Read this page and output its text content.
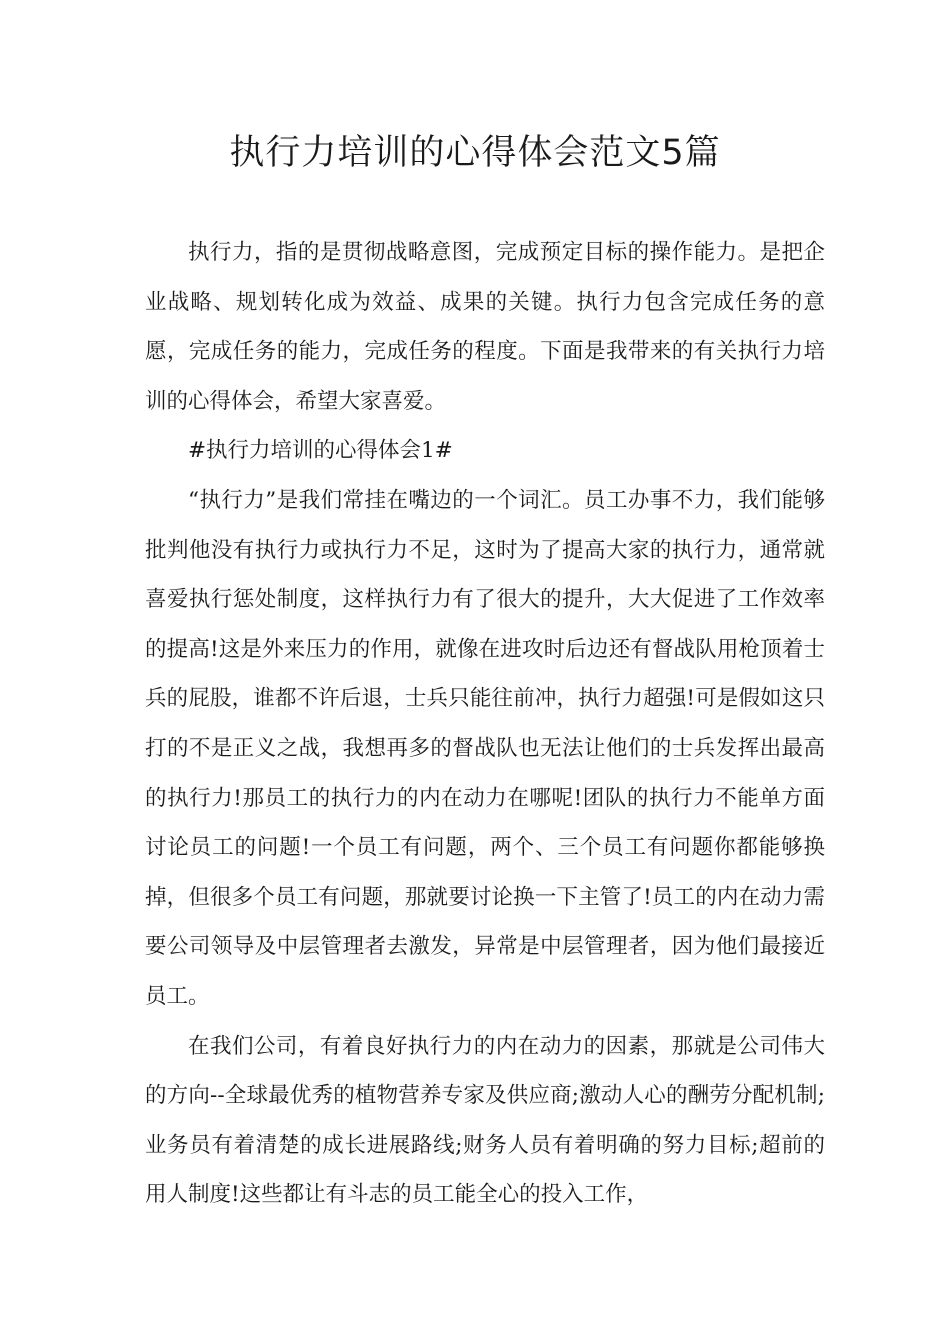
执行力培训的心得体会范文5篇

执行力，指的是贯彻战略意图，完成预定目标的操作能力。是把企业战略、规划转化成为效益、成果的关键。执行力包含完成任务的意愿，完成任务的能力，完成任务的程度。下面是我带来的有关执行力培训的心得体会，希望大家喜爱。

#执行力培训的心得体会1#

“执行力”是我们常挂在嘴边的一个词汇。员工办事不力，我们能够批判他没有执行力或执行力不足，这时为了提高大家的执行力，通常就喜爱执行惩处制度，这样执行力有了很大的提升，大大促进了工作效率的提高!这是外来压力的作用，就像在进攻时后边还有督战队用枪顶着士兵的屁股，谁都不许后退，士兵只能往前冲，执行力超强!可是假如这只打的不是正义之战，我想再多的督战队也无法让他们的士兵发挥出最高的执行力!那员工的执行力的内在动力在哪呢!团队的执行力不能单方面讨论员工的问题!一个员工有问题，两个、三个员工有问题你都能够换掉，但很多个员工有问题，那就要讨论换一下主管了!员工的内在动力需要公司领导及中层管理者去激发，异常是中层管理者，因为他们最接近员工。

在我们公司，有着良好执行力的内在动力的因素，那就是公司伟大的方向--全球最优秀的植物营养专家及供应商;激动人心的酬劳分配机制;业务员有着清楚的成长进展路线;财务人员有着明确的努力目标;超前的用人制度!这些都让有斗志的员工能全心的投入工作，
